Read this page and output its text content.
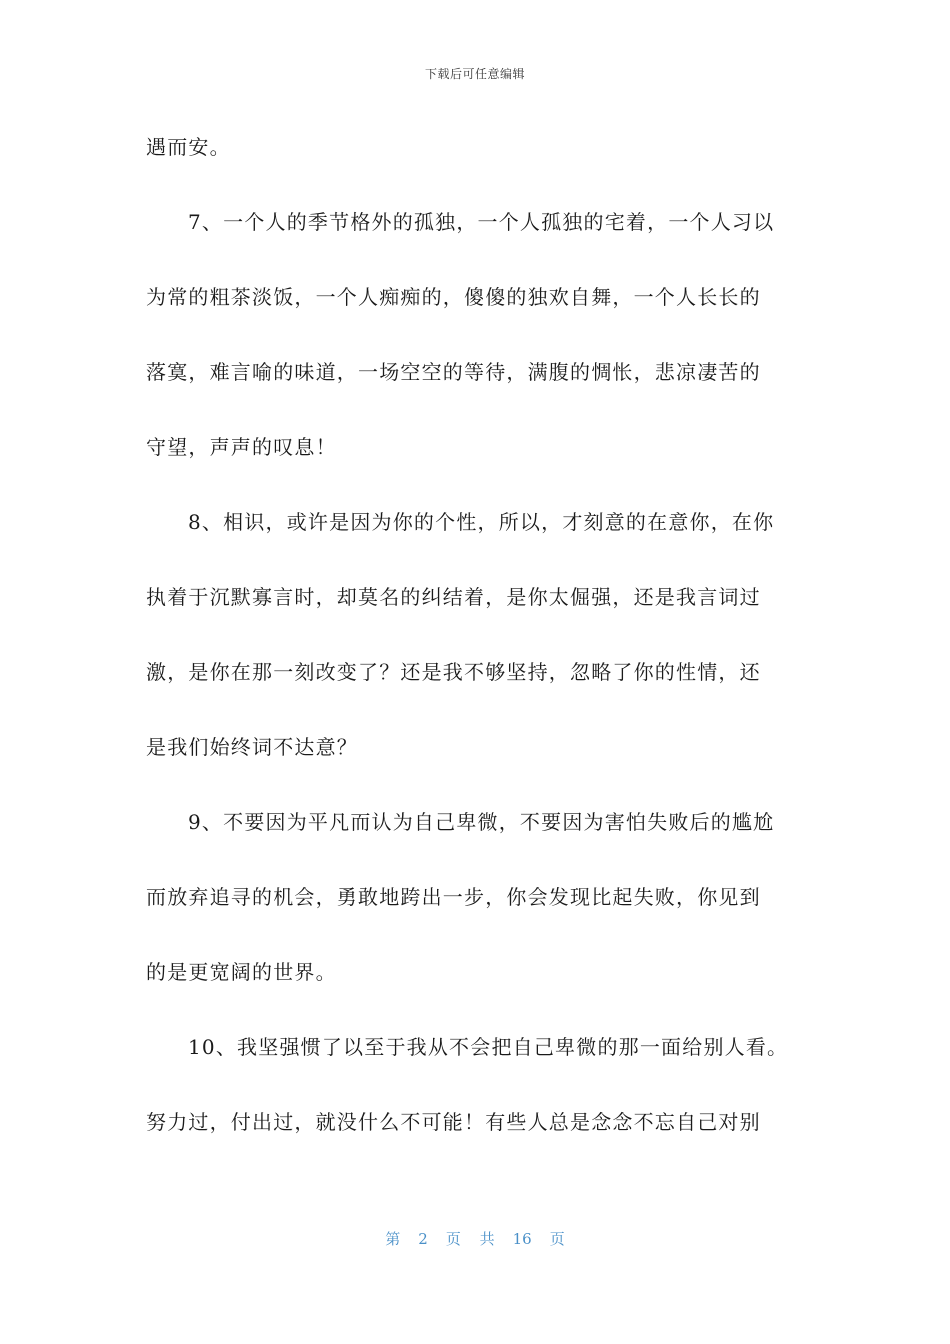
下载后可任意编辑
遇而安。
7、一个人的季节格外的孤独，一个人孤独的宅着，一个人习以
为常的粗茶淡饭，一个人痴痴的，傻傻的独欢自舞，一个人长长的
落寞，难言喻的味道，一场空空的等待，满腹的惆怅，悲凉凄苦的
守望，声声的叹息！
8、相识，或许是因为你的个性，所以，才刻意的在意你，在你
执着于沉默寡言时，却莫名的纠结着，是你太倔强，还是我言词过
激，是你在那一刻改变了？还是我不够坚持，忽略了你的性情，还
是我们始终词不达意？
9、不要因为平凡而认为自己卑微，不要因为害怕失败后的尴尬
而放弃追寻的机会，勇敢地跨出一步，你会发现比起失败，你见到
的是更宽阔的世界。
10、我坚强惯了以至于我从不会把自己卑微的那一面给别人看。
努力过，付出过，就没什么不可能！有些人总是念念不忘自己对别
第 2 页 共 16 页
